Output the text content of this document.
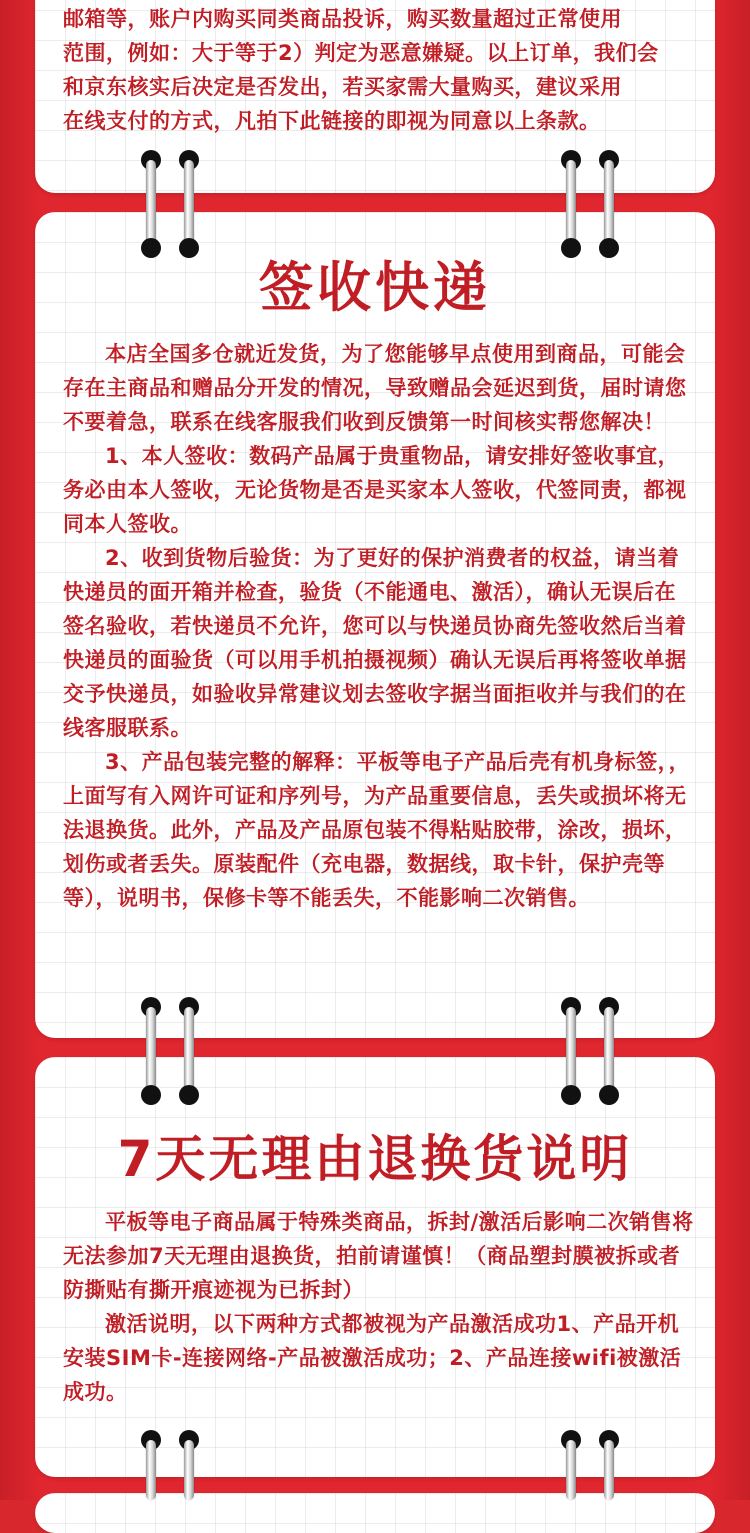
邮箱等，账户内购买同类商品投诉，购买数量超过正常使用

范围，例如：大于等于2）判定为恶意嫌疑。以上订单，我们会

和京东核实后决定是否发出，若买家需大量购买，建议采用

在线支付的方式，凡拍下此链接的即视为同意以上条款。

签收快递

本店全国多仓就近发货，为了您能够早点使用到商品，可能会存在主商品和赠品分开发的情况，导致赠品会延迟到货，届时请您不要着急，联系在线客服我们收到反馈第一时间核实帮您解决！

1、本人签收：数码产品属于贵重物品，请安排好签收事宜，务必由本人签收，无论货物是否是买家本人签收，代签同责，都视同本人签收。

2、收到货物后验货：为了更好的保护消费者的权益，请当着快递员的面开箱并检查，验货（不能通电、激活），确认无误后在签名验收，若快递员不允许，您可以与快递员协商先签收然后当着快递员的面验货（可以用手机拍摄视频）确认无误后再将签收单据交予快递员，如验收异常建议划去签收字据当面拒收并与我们的在线客服联系。

3、产品包装完整的解释：平板等电子产品后壳有机身标签，，上面写有入网许可证和序列号，为产品重要信息，丢失或损坏将无法退换货。此外，产品及产品原包装不得粘贴胶带，涂改，损坏，划伤或者丢失。原装配件（充电器，数据线，取卡针，保护壳等等），说明书，保修卡等不能丢失，不能影响二次销售。

7天无理由退换货说明

平板等电子商品属于特殊类商品，拆封/激活后影响二次销售将无法参加7天无理由退换货，拍前请谨慎！（商品塑封膜被拆或者防撕贴有撕开痕迹视为已拆封）

激活说明，以下两种方式都被视为产品激活成功1、产品开机安装SIM卡-连接网络-产品被激活成功；2、产品连接wifi被激活成功。
